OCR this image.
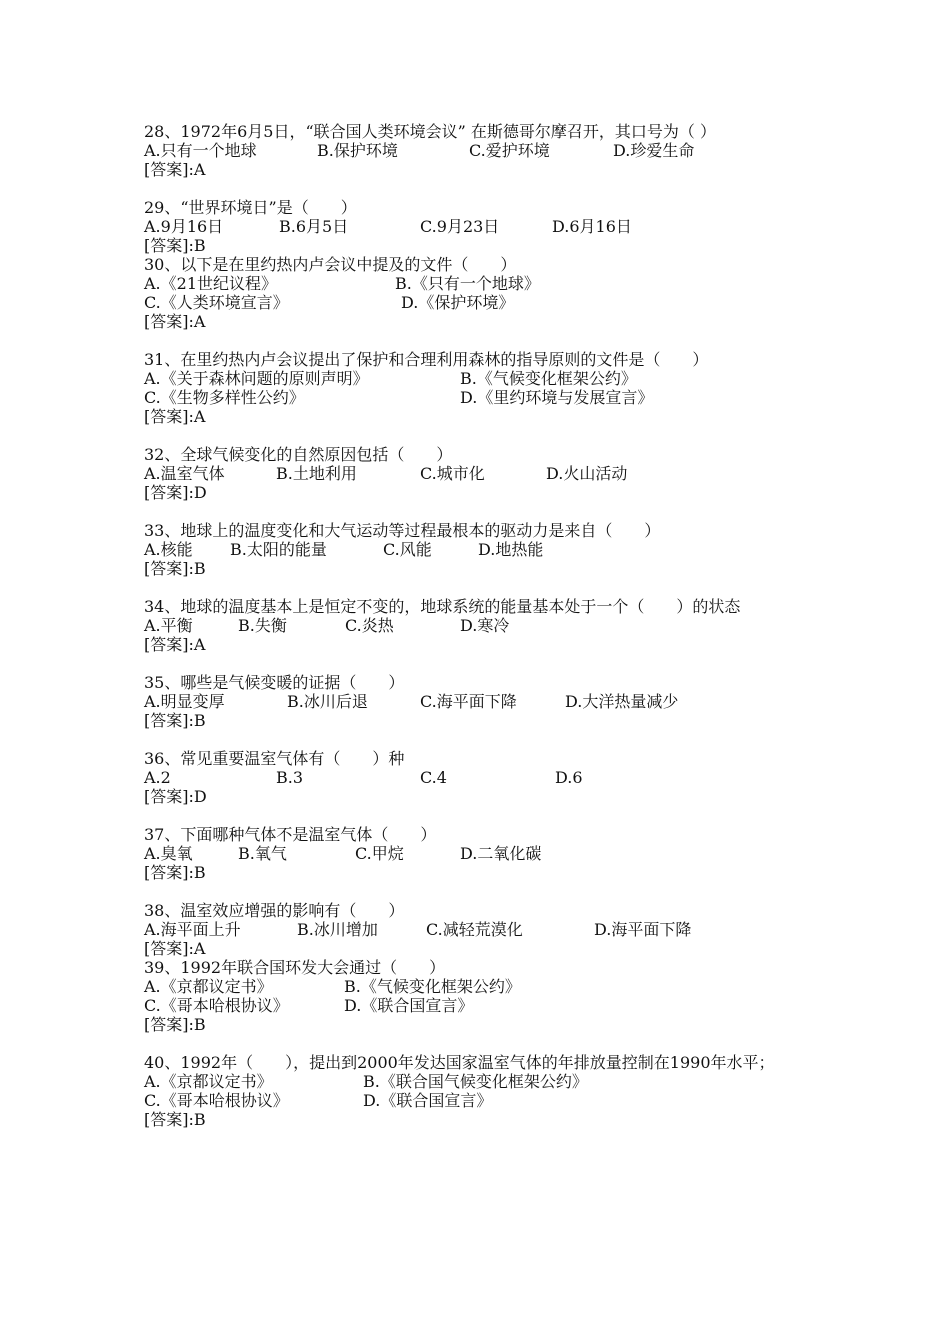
28、1972年6月5日，“联合国人类环境会议” 在斯德哥尔摩召开，其口号为（ ）
A.只有一个地球	B.保护环境	C.爱护环境	D.珍爱生命
[答案]:A
29、“世界环境日”是（　　）
A.9月16日	B.6月5日	C.9月23日	D.6月16日
[答案]:B
30、以下是在里约热内卢会议中提及的文件（　　）
A.《21世纪议程》	B.《只有一个地球》
C.《人类环境宣言》	D.《保护环境》
[答案]:A
31、在里约热内卢会议提出了保护和合理利用森林的指导原则的文件是（　　）
A.《关于森林问题的原则声明》	B.《气候变化框架公约》
C.《生物多样性公约》	D.《里约环境与发展宣言》
[答案]:A
32、全球气候变化的自然原因包括（　　）
A.温室气体	B.土地利用	C.城市化	D.火山活动
[答案]:D
33、地球上的温度变化和大气运动等过程最根本的驱动力是来自（　　）
A.核能 B.太阳的能量	C.风能	D.地热能
[答案]:B
34、地球的温度基本上是恒定不变的，地球系统的能量基本处于一个（　　）的状态
A.平衡	B.失衡	C.炎热	D.寒冷
[答案]:A
35、哪些是气候变暖的证据（　　）
A.明显变厚	B.冰川后退	C.海平面下降	D.大洋热量减少
[答案]:B
36、常见重要温室气体有（　　）种
A.2	B.3	C.4	D.6
[答案]:D
37、下面哪种气体不是温室气体（　　）
A.臭氧	B.氧气	C.甲烷	D.二氧化碳
[答案]:B
38、温室效应增强的影响有（　　）
A.海平面上升	B.冰川增加	C.减轻荒漠化	D.海平面下降
[答案]:A
39、1992年联合国环发大会通过（　　）
A.《京都议定书》	B.《气候变化框架公约》
C.《哥本哈根协议》	D.《联合国宣言》
[答案]:B
40、1992年（　　），提出到2000年发达国家温室气体的年排放量控制在1990年水平；
A.《京都议定书》	B.《联合国气候变化框架公约》
C.《哥本哈根协议》	D.《联合国宣言》
[答案]:B
